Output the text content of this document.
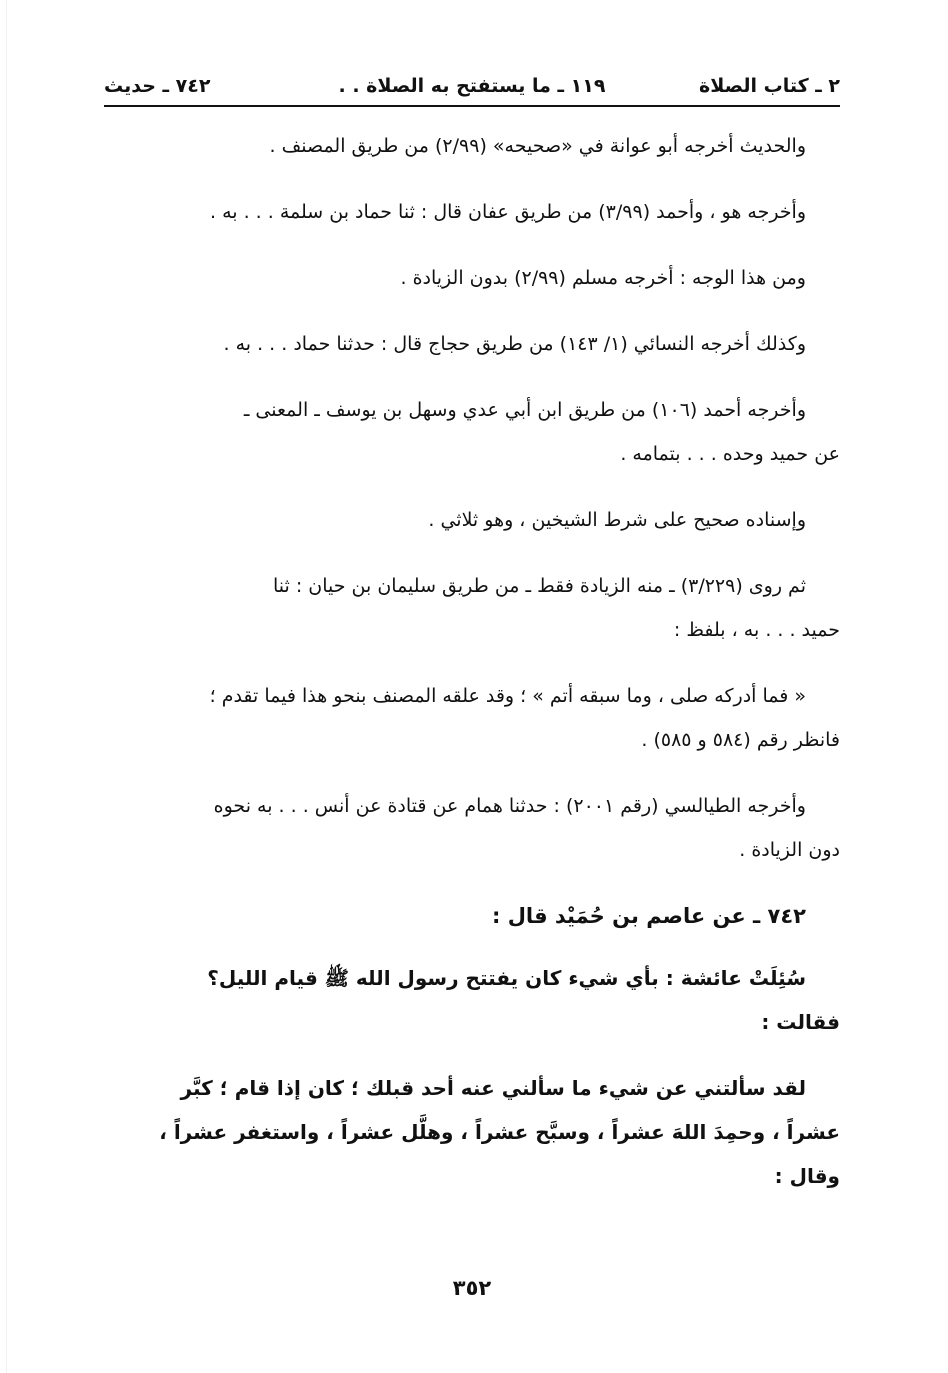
٢ ـ كتاب الصلاة
١١٩ ـ ما يستفتح به الصلاة . .
٧٤٢ ـ حديث
والحديث أخرجه أبو عوانة في «صحيحه» (٢/٩٩) من طريق المصنف .
وأخرجه هو ، وأحمد (٣/٩٩) من طريق عفان قال : ثنا حماد بن سلمة . . . به .
ومن هذا الوجه : أخرجه مسلم (٢/٩٩) بدون الزيادة .
وكذلك أخرجه النسائي (١/ ١٤٣) من طريق حجاج قال : حدثنا حماد . . . به .
وأخرجه أحمد (١٠٦) من طريق ابن أبي عدي وسهل بن يوسف ـ المعنى ـ
عن حميد وحده . . . بتمامه .
وإسناده صحيح على شرط الشيخين ، وهو ثلاثي .
ثم روى (٣/٢٢٩) ـ منه الزيادة فقط ـ من طريق سليمان بن حيان : ثنا
حميد . . . به ، بلفظ :
« فما أدركه صلى ، وما سبقه أتم » ؛ وقد علقه المصنف بنحو هذا فيما تقدم ؛
فانظر رقم (٥٨٤ و ٥٨٥) .
وأخرجه الطيالسي (رقم ٢٠٠١) : حدثنا همام عن قتادة عن أنس . . . به نحوه
دون الزيادة .
٧٤٢ ـ عن عاصم بن حُمَيْد قال :
سُئِلَتْ عائشة : بأي شيء كان يفتتح رسول الله ﷺ قيام الليل؟
فقالت :
لقد سألتني عن شيء ما سألني عنه أحد قبلك ؛ كان إذا قام ؛ كبَّر
عشراً ، وحمِدَ اللهَ عشراً ، وسبَّح عشراً ، وهلَّل عشراً ، واستغفر عشراً ،
وقال :
٣٥٢
